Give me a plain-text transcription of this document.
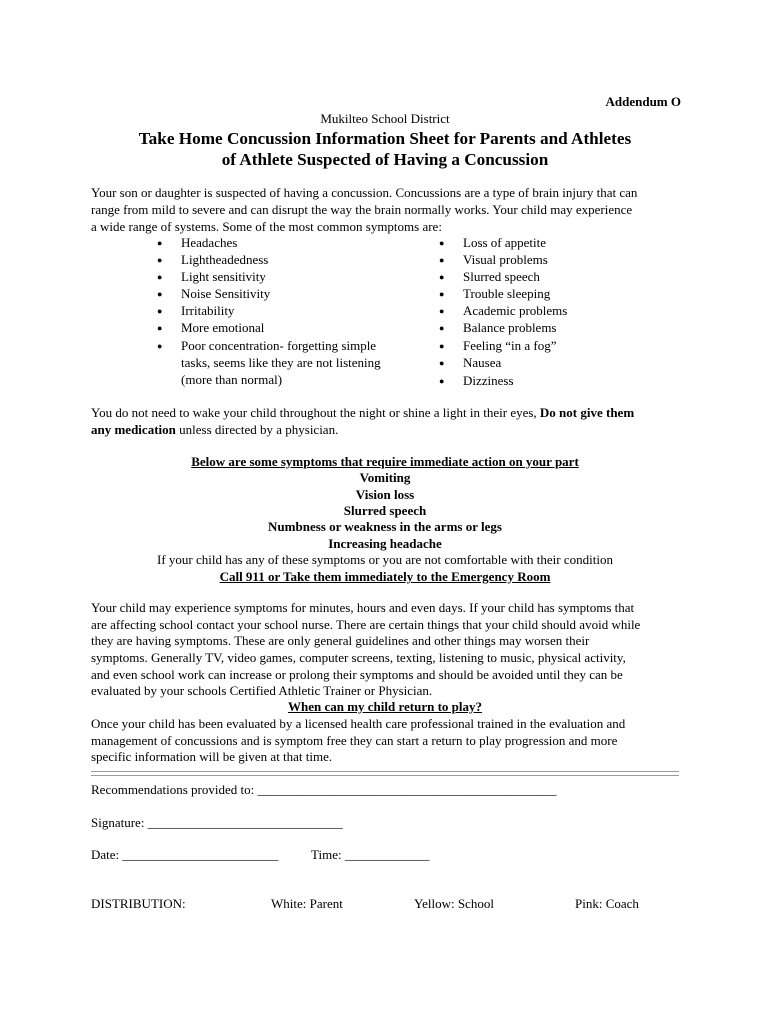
Addendum O
Mukilteo School District
Take Home Concussion Information Sheet for Parents and Athletes
of Athlete Suspected of Having a Concussion
Your son or daughter is suspected of having a concussion. Concussions are a type of brain injury that can
range from mild to severe and can disrupt the way the brain normally works. Your child may experience
a wide range of systems. Some of the most common symptoms are:
● Headaches
● Lightheadedness
● Light sensitivity
● Noise Sensitivity
● Irritability
● More emotional
● Poor concentration- forgetting simple
tasks, seems like they are not listening
(more than normal)
● Loss of appetite
● Visual problems
● Slurred speech
● Trouble sleeping
● Academic problems
● Balance problems
● Feeling “in a fog”
● Nausea
● Dizziness
You do not need to wake your child throughout the night or shine a light in their eyes, Do not give them
any medication unless directed by a physician.
Below are some symptoms that require immediate action on your part
Vomiting
Vision loss
Slurred speech
Numbness or weakness in the arms or legs
Increasing headache
If your child has any of these symptoms or you are not comfortable with their condition
Call 911 or Take them immediately to the Emergency Room
Your child may experience symptoms for minutes, hours and even days. If your child has symptoms that
are affecting school contact your school nurse. There are certain things that your child should avoid while
they are having symptoms. These are only general guidelines and other things may worsen their
symptoms. Generally TV, video games, computer screens, texting, listening to music, physical activity,
and even school work can increase or prolong their symptoms and should be avoided until they can be
evaluated by your schools Certified Athletic Trainer or Physician.
When can my child return to play?
Once your child has been evaluated by a licensed health care professional trained in the evaluation and
management of concussions and is symptom free they can start a return to play progression and more
specific information will be given at that time.
Recommendations provided to: ______________________________________________
Signature: ______________________________
Date: ________________________	Time: _____________
DISTRIBUTION:	White: Parent	Yellow: School	Pink: Coach
